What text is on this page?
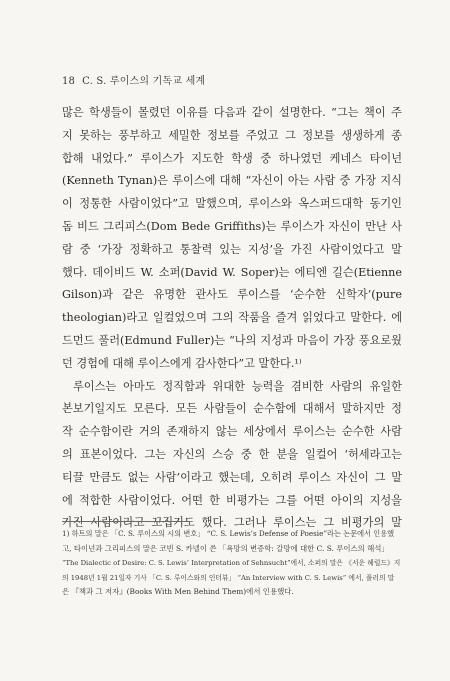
18 C. S. 루이스의 기독교 세계
많은 학생들이 몰렸던 이유를 다음과 같이 설명한다. “그는 책이 주
지 못하는 풍부하고 세밀한 정보를 주었고 그 정보를 생생하게 종
합해 내었다.” 루이스가 지도한 학생 중 하나였던 케네스 타이넌
(Kenneth Tynan)은 루이스에 대해 “자신이 아는 사람 중 가장 지식
이 정통한 사람이었다”고 말했으며, 루이스와 옥스퍼드대학 동기인
돔 비드 그리피스(Dom Bede Griffiths)는 루이스가 자신이 만난 사
람 중 ‘가장 정확하고 통찰력 있는 지성’을 가진 사람이었다고 말
했다. 데이비드 W. 소퍼(David W. Soper)는 에티엔 길슨(Etienne
Gilson)과 같은 유명한 관사도 루이스를 ‘순수한 신학자’(pure
theologian)라고 일컬었으며 그의 작품을 즐겨 읽었다고 말한다. 에
드먼드 풀러(Edmund Fuller)는 “나의 지성과 마음이 가장 풍요로웠
던 경험에 대해 루이스에게 감사한다”고 말한다.¹⁾
루이스는 아마도 정직함과 위대한 능력을 겸비한 사람의 유일한
본보기일지도 모른다. 모든 사람들이 순수함에 대해서 말하지만 정
작 순수함이란 거의 존재하지 않는 세상에서 루이스는 순수한 사람
의 표본이었다. 그는 자신의 스승 중 한 분을 일컬어 ‘허세라고는
티끌 만큼도 없는 사람’이라고 했는데, 오히려 루이스 자신이 그 말
에 적합한 사람이었다. 어떤 한 비평가는 그를 어떤 아이의 지성을
가진 사람이라고 꼬집기도 했다. 그러나 루이스는 그 비평가의 말
1) 하트의 말은 「C. S. 루이스의 시의 변호」 “C. S. Lewis’s Defense of Poesie”라는 논문에서 인용했
고, 타이넌과 그리피스의 말은 코빈 S. 카넬이 쓴 「욕망의 변증학: 갈망에 대한 C. S. 루이스의 해석」
“The Dialectic of Desire: C. S. Lewis’ Interpretation of Sehnsucht”에서, 소퍼의 말은 《서운 헤럴드》지
의 1948년 1월 21일자 기사 「C. S. 루이스와의 인터뷰」 “An Interview with C. S. Lewis” 에서, 풀러의 말
은 『책과 그 저자』(Books With Men Behind Them)에서 인용했다.
